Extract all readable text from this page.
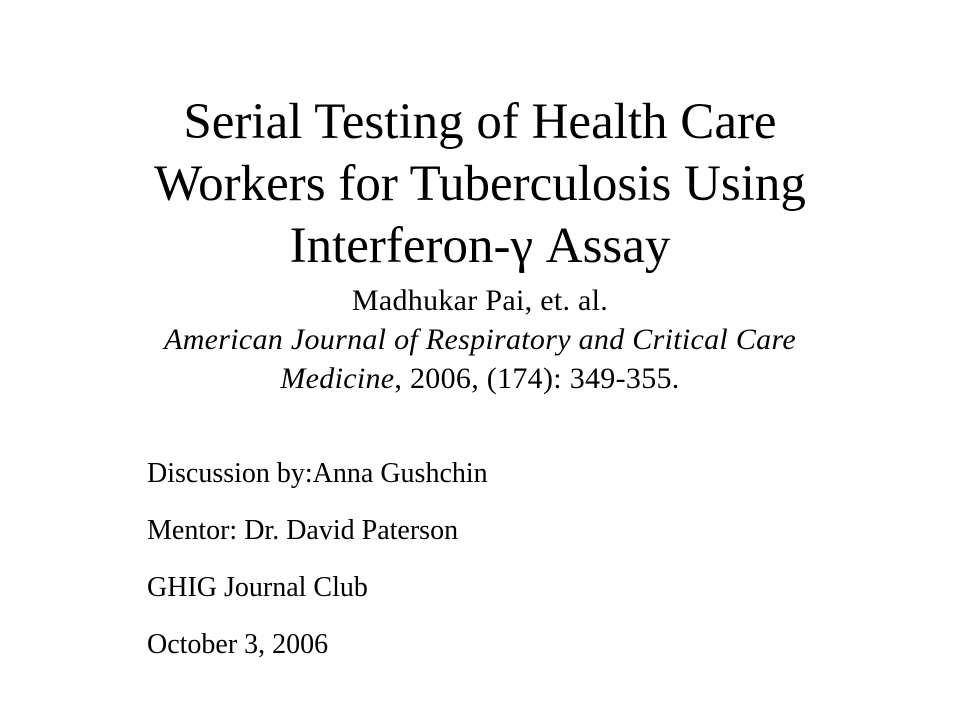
Serial Testing of Health Care
Workers for Tuberculosis Using
Interferon-γ Assay
Madhukar Pai, et. al.
American Journal of Respiratory and Critical Care
Medicine, 2006, (174): 349-355.
Discussion by:Anna Gushchin
Mentor: Dr. David Paterson
GHIG Journal Club
October 3, 2006
